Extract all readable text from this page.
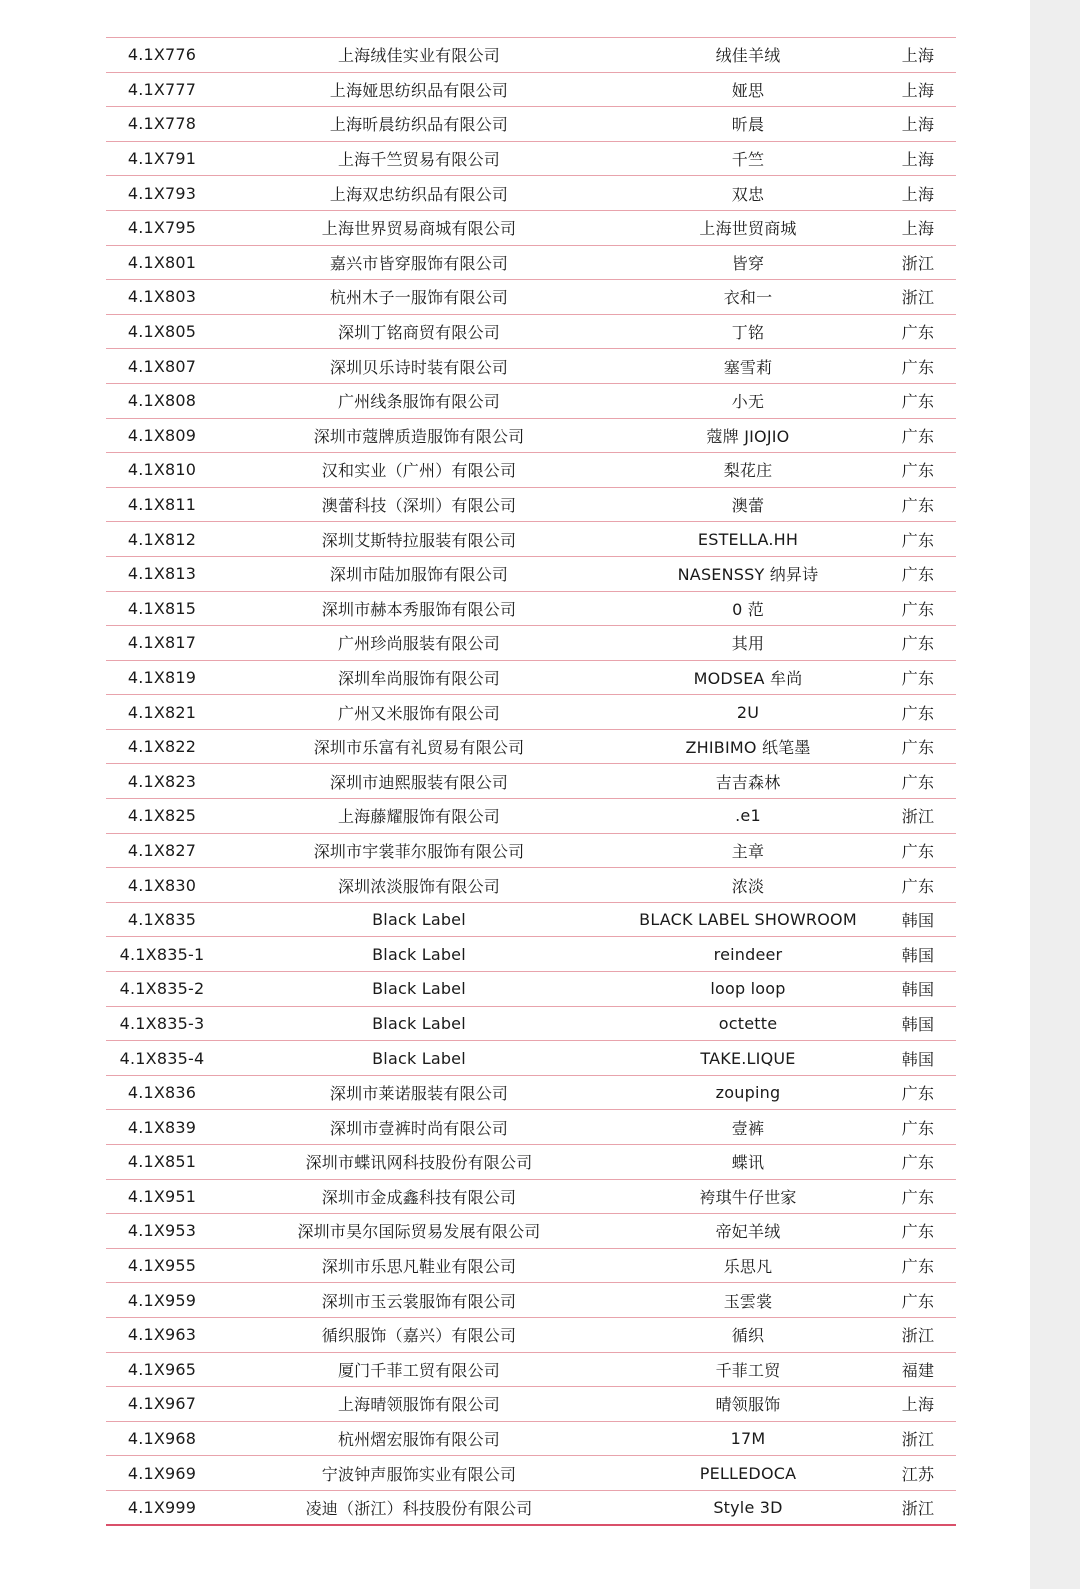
4.1X776	上海绒佳实业有限公司	绒佳羊绒	上海
4.1X777	上海娅思纺织品有限公司	娅思	上海
4.1X778	上海昕晨纺织品有限公司	昕晨	上海
4.1X791	上海千竺贸易有限公司	千竺	上海
4.1X793	上海双忠纺织品有限公司	双忠	上海
4.1X795	上海世界贸易商城有限公司	上海世贸商城	上海
4.1X801	嘉兴市皆穿服饰有限公司	皆穿	浙江
4.1X803	杭州木子一服饰有限公司	衣和一	浙江
4.1X805	深圳丁铭商贸有限公司	丁铭	广东
4.1X807	深圳贝乐诗时装有限公司	塞雪莉	广东
4.1X808	广州线条服饰有限公司	小无	广东
4.1X809	深圳市蔻牌质造服饰有限公司	蔻牌 JIOJIO	广东
4.1X810	汉和实业（广州）有限公司	梨花庄	广东
4.1X811	澳蕾科技（深圳）有限公司	澳蕾	广东
4.1X812	深圳艾斯特拉服装有限公司	ESTELLA.HH	广东
4.1X813	深圳市陆加服饰有限公司	NASENSSY 纳昇诗	广东
4.1X815	深圳市赫本秀服饰有限公司	0 范	广东
4.1X817	广州珍尚服装有限公司	其用	广东
4.1X819	深圳牟尚服饰有限公司	MODSEA 牟尚	广东
4.1X821	广州又米服饰有限公司	2U	广东
4.1X822	深圳市乐富有礼贸易有限公司	ZHIBIMO 纸笔墨	广东
4.1X823	深圳市迪熙服装有限公司	吉吉森林	广东
4.1X825	上海藤耀服饰有限公司	.e1	浙江
4.1X827	深圳市宇裳菲尔服饰有限公司	主章	广东
4.1X830	深圳浓淡服饰有限公司	浓淡	广东
4.1X835	Black Label	BLACK LABEL SHOWROOM	韩国
4.1X835-1	Black Label	reindeer	韩国
4.1X835-2	Black Label	loop loop	韩国
4.1X835-3	Black Label	octette	韩国
4.1X835-4	Black Label	TAKE.LIQUE	韩国
4.1X836	深圳市莱诺服装有限公司	zouping	广东
4.1X839	深圳市壹裤时尚有限公司	壹裤	广东
4.1X851	深圳市蝶讯网科技股份有限公司	蝶讯	广东
4.1X951	深圳市金成鑫科技有限公司	袴琪牛仔世家	广东
4.1X953	深圳市昊尔国际贸易发展有限公司	帝妃羊绒	广东
4.1X955	深圳市乐思凡鞋业有限公司	乐思凡	广东
4.1X959	深圳市玉云裳服饰有限公司	玉雲裳	广东
4.1X963	循织服饰（嘉兴）有限公司	循织	浙江
4.1X965	厦门千菲工贸有限公司	千菲工贸	福建
4.1X967	上海晴领服饰有限公司	晴领服饰	上海
4.1X968	杭州熠宏服饰有限公司	17M	浙江
4.1X969	宁波钟声服饰实业有限公司	PELLEDOCA	江苏
4.1X999	凌迪（浙江）科技股份有限公司	Style 3D	浙江
